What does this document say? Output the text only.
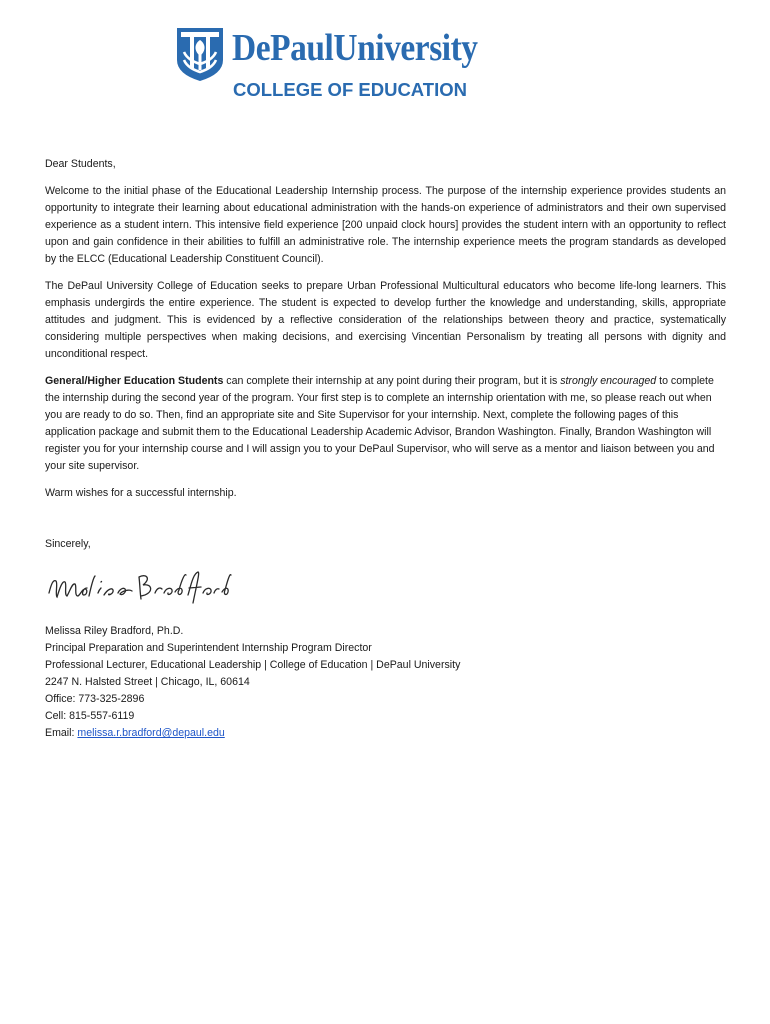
DePaulUniversity
COLLEGE OF EDUCATION

Dear Students,

Welcome to the initial phase of the Educational Leadership Internship process. The purpose of the internship experience provides students an opportunity to integrate their learning about educational administration with the hands-on experience of administrators and their own supervised experience as a student intern. This intensive field experience [200 unpaid clock hours] provides the student intern with an opportunity to reflect upon and gain confidence in their abilities to fulfill an administrative role. The internship experience meets the program standards as developed by the ELCC (Educational Leadership Constituent Council).

The DePaul University College of Education seeks to prepare Urban Professional Multicultural educators who become life-long learners. This emphasis undergirds the entire experience. The student is expected to develop further the knowledge and understanding, skills, appropriate attitudes and judgment. This is evidenced by a reflective consideration of the relationships between theory and practice, systematically considering multiple perspectives when making decisions, and exercising Vincentian Personalism by treating all persons with dignity and unconditional respect.

General/Higher Education Students can complete their internship at any point during their program, but it is strongly encouraged to complete the internship during the second year of the program. Your first step is to complete an internship orientation with me, so please reach out when you are ready to do so. Then, find an appropriate site and Site Supervisor for your internship. Next, complete the following pages of this application package and submit them to the Educational Leadership Academic Advisor, Brandon Washington. Finally, Brandon Washington will register you for your internship course and I will assign you to your DePaul Supervisor, who will serve as a mentor and liaison between you and your site supervisor.

Warm wishes for a successful internship.

Sincerely,

Melissa Riley Bradford, Ph.D.
Principal Preparation and Superintendent Internship Program Director
Professional Lecturer, Educational Leadership | College of Education | DePaul University
2247 N. Halsted Street | Chicago, IL, 60614
Office: 773-325-2896
Cell: 815-557-6119
Email: melissa.r.bradford@depaul.edu
